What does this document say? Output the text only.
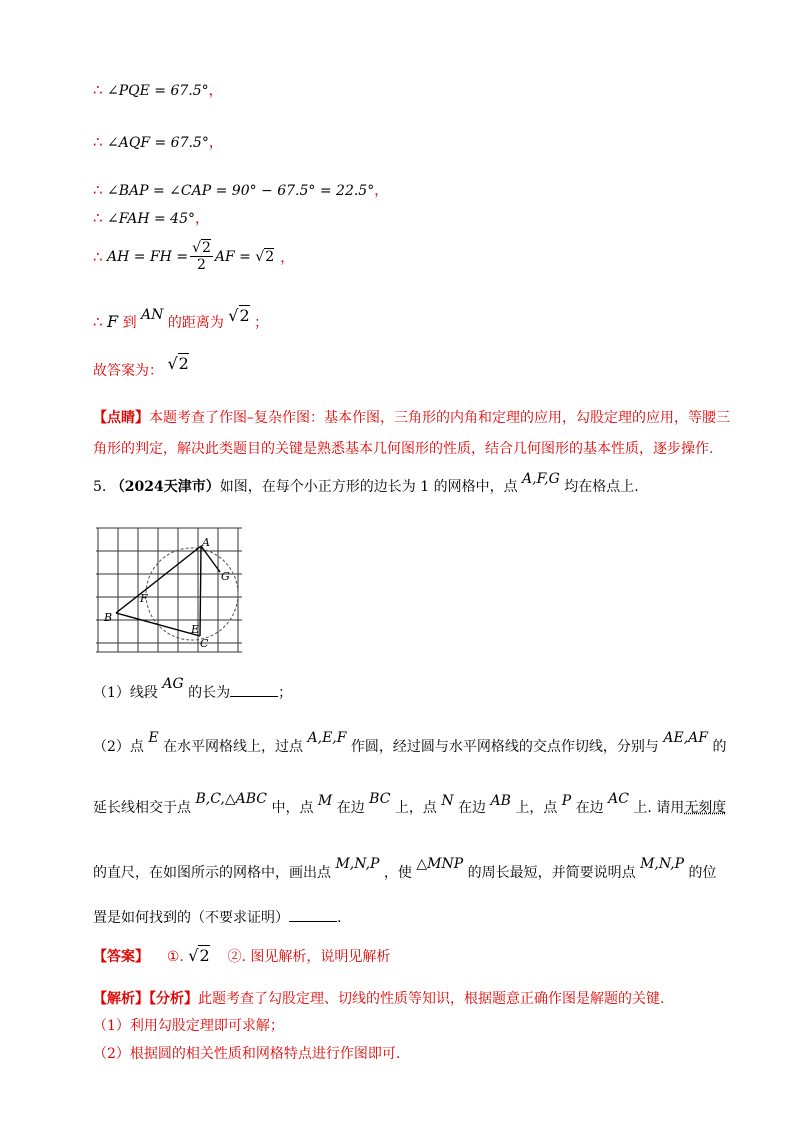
∴ ∠PQE = 67.5°，
∴ ∠AQF = 67.5°，
∴ ∠BAP = ∠CAP = 90° − 67.5° = 22.5°，
∴ ∠FAH = 45°，
∴
AH = FH = $\frac{√2}{2}$ AF =
√2 ，
∴ F 到 AN 的距离为 √2 ；
故答案为： √2
【点睛】本题考查了作图–复杂作图：基本作图，三角形的内角和定理的应用，勾股定理的应用，等腰三
角形的判定，解决此类题目的关键是熟悉基本几何图形的性质，结合几何图形的基本性质，逐步操作.
5. （2024天津市）如图，在每个小正方形的边长为 1 的网格中，点 A,F,G 均在格点上.
A
G
F
B
E
C
（1）线段 AG 的长为	；
（2）点 E 在水平网格线上，过点 A,E,F 作圆，经过圆与水平网格线的交点作切线，分别与 AE,AF 的
延长线相交于点 B,C,△ABC 中，点 M 在边 BC 上，点 N 在边 AB 上，点 P 在边 AC 上. 请用无刻度
的直尺，在如图所示的网格中，画出点 M,N,P ，使 △MNP 的周长最短，并简要说明点 M,N,P 的位
置是如何找到的（不要求证明）	.
【答案】 ①. √2 ②. 图见解析，说明见解析
【解析】【分析】此题考查了勾股定理、切线的性质等知识，根据题意正确作图是解题的关键.
（1）利用勾股定理即可求解；
（2）根据圆的相关性质和网格特点进行作图即可.
